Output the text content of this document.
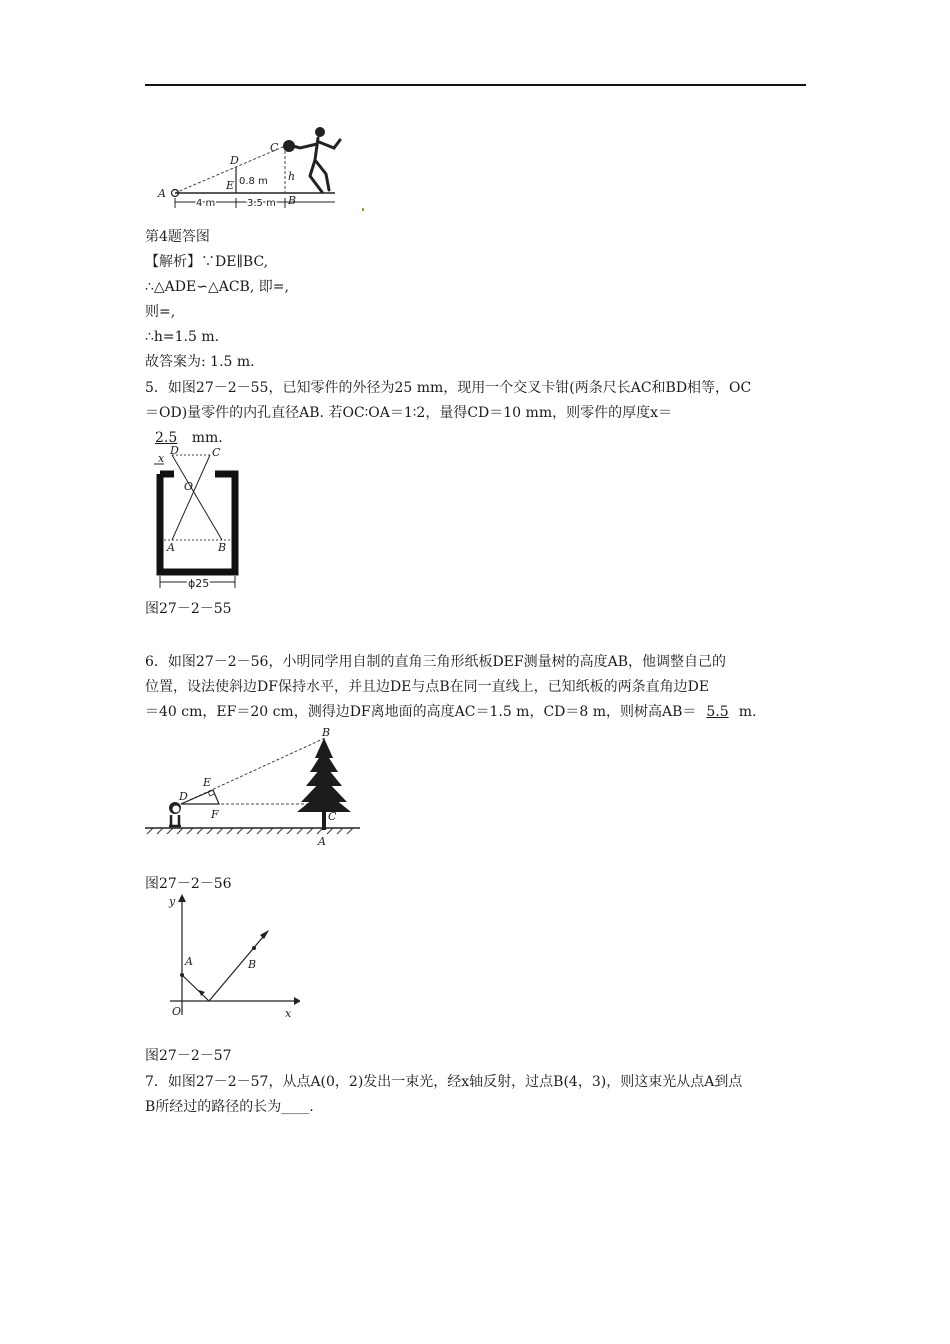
A
B
C
D
E
h
0.8 m
4 m	3.5 m
第4题答图
【解析】∵DE∥BC,
∴△ADE∽△ACB, 即=,
则=,
∴h=1.5 m.
故答案为: 1.5 m.
5．如图27－2－55，已知零件的外径为25 mm，现用一个交叉卡钳(两条尺长AC和BD相等，OC
＝OD)量零件的内孔直径AB. 若OC∶OA＝1∶2，量得CD＝10 mm，则零件的厚度x＝
2.5 mm.
x
D	C
O
A	B
ϕ25
图27－2－55
6．如图27－2－56，小明同学用自制的直角三角形纸板DEF测量树的高度AB，他调整自己的
位置，设法使斜边DF保持水平，并且边DE与点B在同一直线上，已知纸板的两条直角边DE
＝40 cm，EF＝20 cm，测得边DF离地面的高度AC＝1.5 m，CD＝8 m，则树高AB＝ 5.5 m.
B
E
D
F	C
A
图27－2－56
y
A	B
O	x
图27－2－57
7．如图27－2－57，从点A(0，2)发出一束光，经x轴反射，过点B(4，3)，则这束光从点A到点
B所经过的路径的长为____.
